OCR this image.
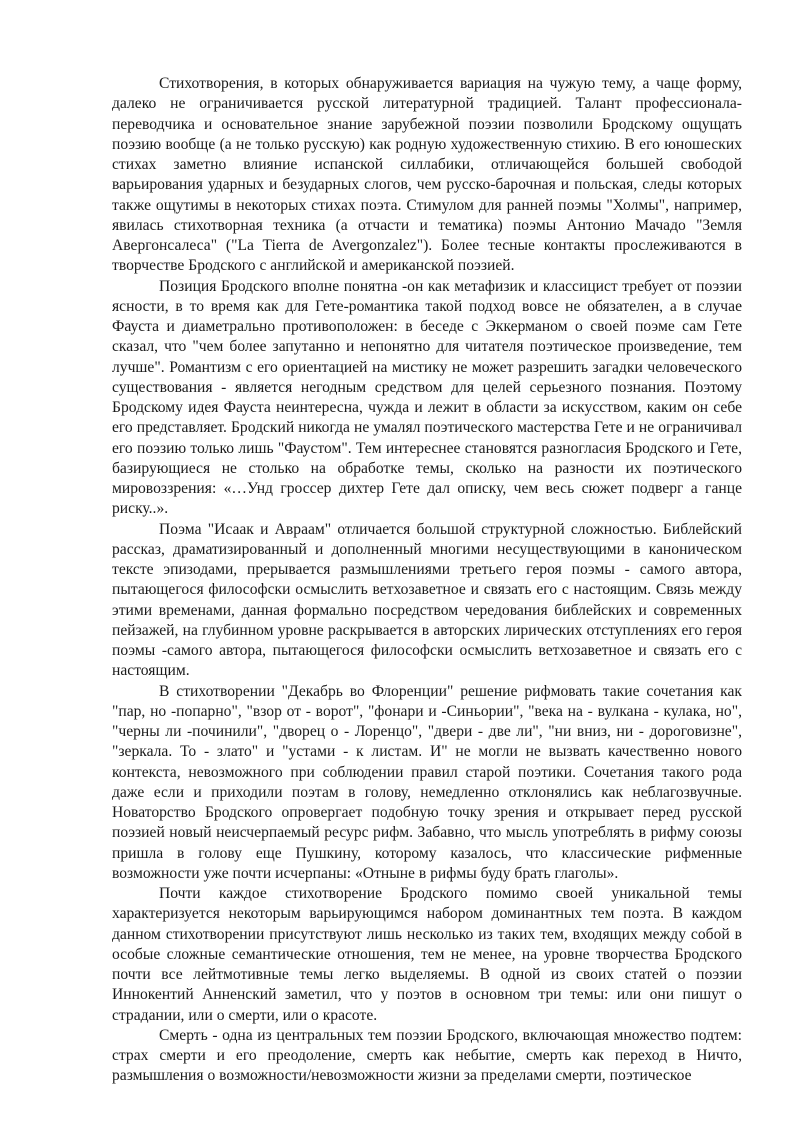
Стихотворения, в которых обнаруживается вариация на чужую тему, а чаще форму, далеко не ограничивается русской литературной традицией. Талант профессионала-переводчика и основательное знание зарубежной поэзии позволили Бродскому ощущать поэзию вообще (а не только русскую) как родную художественную стихию. В его юношеских стихах заметно влияние испанской силлабики, отличающейся большей свободой варьирования ударных и безударных слогов, чем русско-барочная и польская, следы которых также ощутимы в некоторых стихах поэта. Стимулом для ранней поэмы "Холмы", например, явилась стихотворная техника (а отчасти и тематика) поэмы Антонио Мачадо "Земля Авергонсалеса" ("La Tierra de Avergonzalez"). Более тесные контакты прослеживаются в творчестве Бродского с английской и американской поэзией.

Позиция Бродского вполне понятна -он как метафизик и классицист требует от поэзии ясности, в то время как для Гете-романтика такой подход вовсе не обязателен, а в случае Фауста и диаметрально противоположен: в беседе с Эккерманом о своей поэме сам Гете сказал, что "чем более запутанно и непонятно для читателя поэтическое произведение, тем лучше". Романтизм с его ориентацией на мистику не может разрешить загадки человеческого существования - является негодным средством для целей серьезного познания. Поэтому Бродскому идея Фауста неинтересна, чужда и лежит в области за искусством, каким он себе его представляет. Бродский никогда не умалял поэтического мастерства Гете и не ограничивал его поэзию только лишь "Фаустом". Тем интереснее становятся разногласия Бродского и Гете, базирующиеся не столько на обработке темы, сколько на разности их поэтического мировоззрения: «…Унд гроссер дихтер Гете дал описку, чем весь сюжет подверг а ганце риску..».

Поэма "Исаак и Авраам" отличается большой структурной сложностью. Библейский рассказ, драматизированный и дополненный многими несуществующими в каноническом тексте эпизодами, прерывается размышлениями третьего героя поэмы - самого автора, пытающегося философски осмыслить ветхозаветное и связать его с настоящим. Связь между этими временами, данная формально посредством чередования библейских и современных пейзажей, на глубинном уровне раскрывается в авторских лирических отступлениях его героя поэмы -самого автора, пытающегося философски осмыслить ветхозаветное и связать его с настоящим.

В стихотворении "Декабрь во Флоренции" решение рифмовать такие сочетания как "пар, но -попарно", "взор от - ворот", "фонари и -Синьории", "века на - вулкана - кулака, но", "черны ли -починили", "дворец о - Лоренцо", "двери - две ли", "ни вниз, ни - дороговизне", "зеркала. То - злато" и "устами - к листам. И" не могли не вызвать качественно нового контекста, невозможного при соблюдении правил старой поэтики. Сочетания такого рода даже если и приходили поэтам в голову, немедленно отклонялись как неблагозвучные. Новаторство Бродского опровергает подобную точку зрения и открывает перед русской поэзией новый неисчерпаемый ресурс рифм. Забавно, что мысль употреблять в рифму союзы пришла в голову еще Пушкину, которому казалось, что классические рифменные возможности уже почти исчерпаны: «Отныне в рифмы буду брать глаголы».

Почти каждое стихотворение Бродского помимо своей уникальной темы характеризуется некоторым варьирующимся набором доминантных тем поэта. В каждом данном стихотворении присутствуют лишь несколько из таких тем, входящих между собой в особые сложные семантические отношения, тем не менее, на уровне творчества Бродского почти все лейтмотивные темы легко выделяемы. В одной из своих статей о поэзии Иннокентий Анненский заметил, что у поэтов в основном три темы: или они пишут о страдании, или о смерти, или о красоте.

Смерть - одна из центральных тем поэзии Бродского, включающая множество подтем: страх смерти и его преодоление, смерть как небытие, смерть как переход в Ничто, размышления о возможности/невозможности жизни за пределами смерти, поэтическое
